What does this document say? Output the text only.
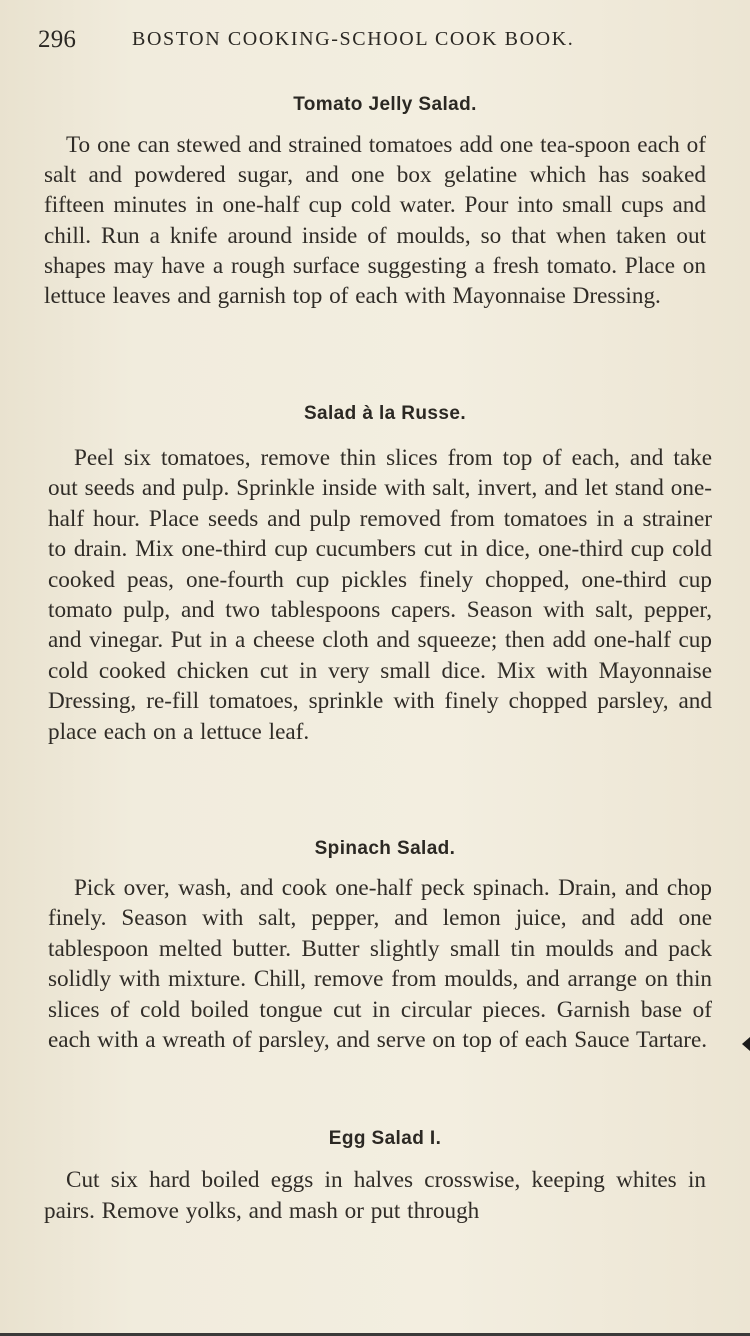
296	BOSTON COOKING-SCHOOL COOK BOOK.
Tomato Jelly Salad.

To one can stewed and strained tomatoes add one tea-spoon each of salt and powdered sugar, and one box gelatine which has soaked fifteen minutes in one-half cup cold water. Pour into small cups and chill. Run a knife around inside of moulds, so that when taken out shapes may have a rough surface suggesting a fresh tomato. Place on lettuce leaves and garnish top of each with Mayonnaise Dressing.

Salad à la Russe.

Peel six tomatoes, remove thin slices from top of each, and take out seeds and pulp. Sprinkle inside with salt, invert, and let stand one-half hour. Place seeds and pulp removed from tomatoes in a strainer to drain. Mix one-third cup cucumbers cut in dice, one-third cup cold cooked peas, one-fourth cup pickles finely chopped, one-third cup tomato pulp, and two tablespoons capers. Season with salt, pepper, and vinegar. Put in a cheese cloth and squeeze; then add one-half cup cold cooked chicken cut in very small dice. Mix with Mayonnaise Dressing, re-fill tomatoes, sprinkle with finely chopped parsley, and place each on a lettuce leaf.

Spinach Salad.

Pick over, wash, and cook one-half peck spinach. Drain, and chop finely. Season with salt, pepper, and lemon juice, and add one tablespoon melted butter. Butter slightly small tin moulds and pack solidly with mixture. Chill, remove from moulds, and arrange on thin slices of cold boiled tongue cut in circular pieces. Garnish base of each with a wreath of parsley, and serve on top of each Sauce Tartare.

Egg Salad I.

Cut six hard boiled eggs in halves crosswise, keeping whites in pairs. Remove yolks, and mash or put through
